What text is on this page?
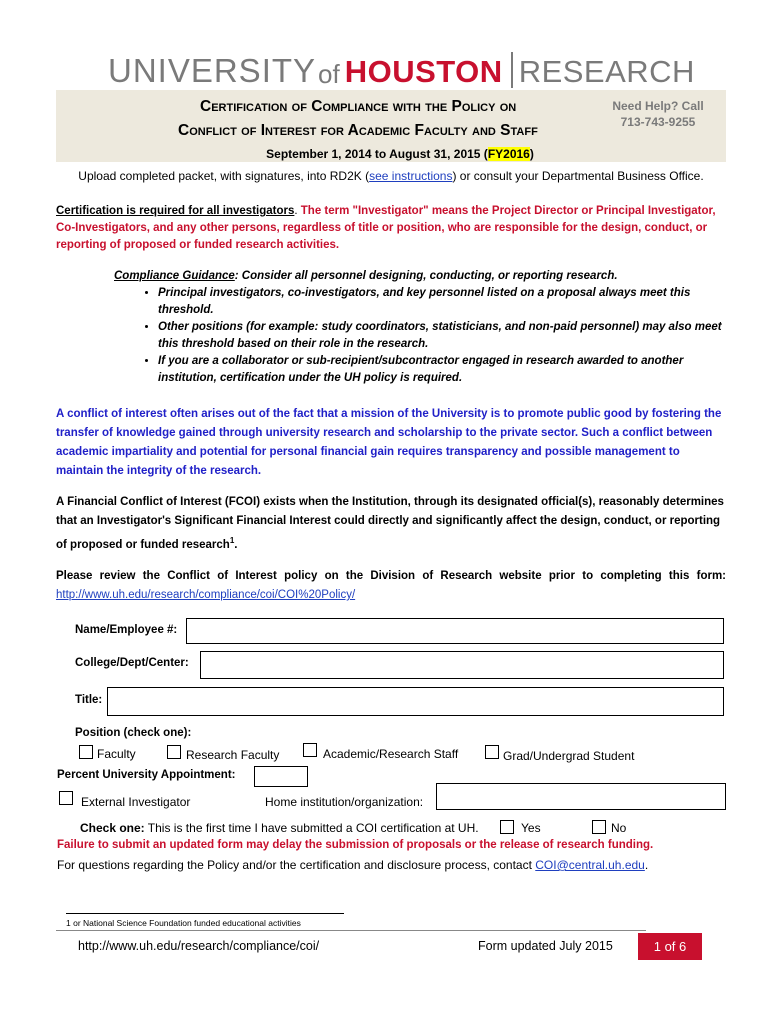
UNIVERSITY of HOUSTON RESEARCH
Certification of Compliance with the Policy on
Conflict of Interest for Academic Faculty and Staff
September 1, 2014 to August 31, 2015 (FY2016)
Need Help? Call
713-743-9255
Upload completed packet, with signatures, into RD2K (see instructions) or consult your Departmental Business Office.
Certification is required for all investigators. The term "Investigator" means the Project Director or Principal Investigator, Co-Investigators, and any other persons, regardless of title or position, who are responsible for the design, conduct, or reporting of proposed or funded research activities.
Compliance Guidance: Consider all personnel designing, conducting, or reporting research.
• Principal investigators, co-investigators, and key personnel listed on a proposal always meet this threshold.
• Other positions (for example: study coordinators, statisticians, and non-paid personnel) may also meet this threshold based on their role in the research.
• If you are a collaborator or sub-recipient/subcontractor engaged in research awarded to another institution, certification under the UH policy is required.
A conflict of interest often arises out of the fact that a mission of the University is to promote public good by fostering the transfer of knowledge gained through university research and scholarship to the private sector. Such a conflict between academic impartiality and potential for personal financial gain requires transparency and possible management to maintain the integrity of the research.
A Financial Conflict of Interest (FCOI) exists when the Institution, through its designated official(s), reasonably determines that an Investigator's Significant Financial Interest could directly and significantly affect the design, conduct, or reporting of proposed or funded research$^1$.
Please review the Conflict of Interest policy on the Division of Research website prior to completing this form: http://www.uh.edu/research/compliance/coi/COI%20Policy/
Name/Employee #:
College/Dept/Center:
Title:
Position (check one):
Faculty	Research Faculty	Academic/Research Staff	Grad/Undergrad Student
Percent University Appointment:
External Investigator	Home institution/organization:
Check one: This is the first time I have submitted a COI certification at UH.	Yes	No
Failure to submit an updated form may delay the submission of proposals or the release of research funding.
For questions regarding the Policy and/or the certification and disclosure process, contact COI@central.uh.edu.
1 or National Science Foundation funded educational activities
http://www.uh.edu/research/compliance/coi/	Form updated July 2015	1 of 6
